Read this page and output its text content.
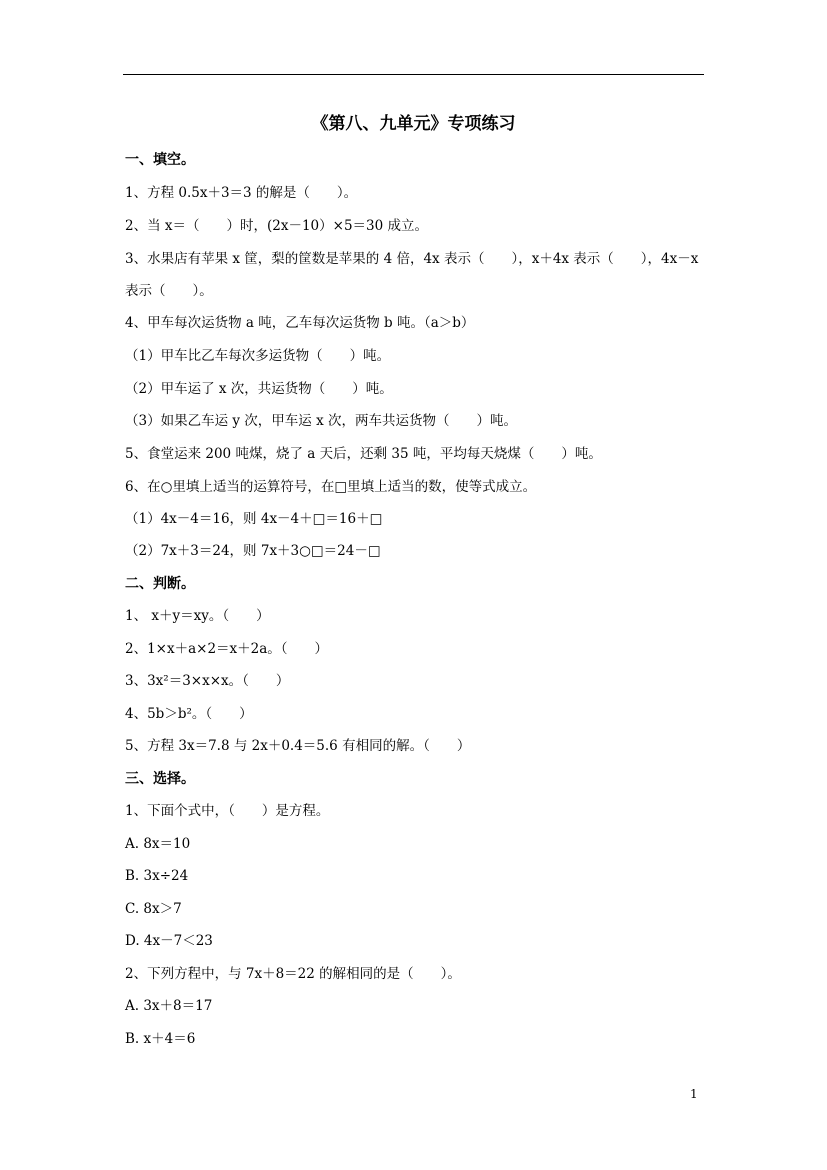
《第八、九单元》专项练习
一、填空。
1、方程 0.5x＋3＝3 的解是（　　）。
2、当 x＝（　　）时，(2x－10）×5＝30 成立。
3、水果店有苹果 x 筐，梨的筐数是苹果的 4 倍，4x 表示（　　），x＋4x 表示（　　），4x－x
表示（　　）。
4、甲车每次运货物 a 吨，乙车每次运货物 b 吨。（a＞b）
（1）甲车比乙车每次多运货物（　　）吨。
（2）甲车运了 x 次，共运货物（　　）吨。
（3）如果乙车运 y 次，甲车运 x 次，两车共运货物（　　）吨。
5、食堂运来 200 吨煤，烧了 a 天后，还剩 35 吨，平均每天烧煤（　　）吨。
6、在○里填上适当的运算符号，在□里填上适当的数，使等式成立。
（1）4x－4＝16，则 4x－4＋□＝16＋□
（2）7x＋3＝24，则 7x＋3○□＝24－□
二、判断。
1、 x＋y＝xy。（　　）
2、1×x＋a×2＝x＋2a。（　　）
3、3x²＝3×x×x。（　　）
4、5b＞b²。（　　）
5、方程 3x＝7.8 与 2x＋0.4＝5.6 有相同的解。（　　）
三、选择。
1、下面个式中，（　　）是方程。
A. 8x＝10
B. 3x÷24
C. 8x＞7
D. 4x－7＜23
2、下列方程中，与 7x＋8＝22 的解相同的是（　　）。
A. 3x＋8＝17
B. x＋4＝6
1
